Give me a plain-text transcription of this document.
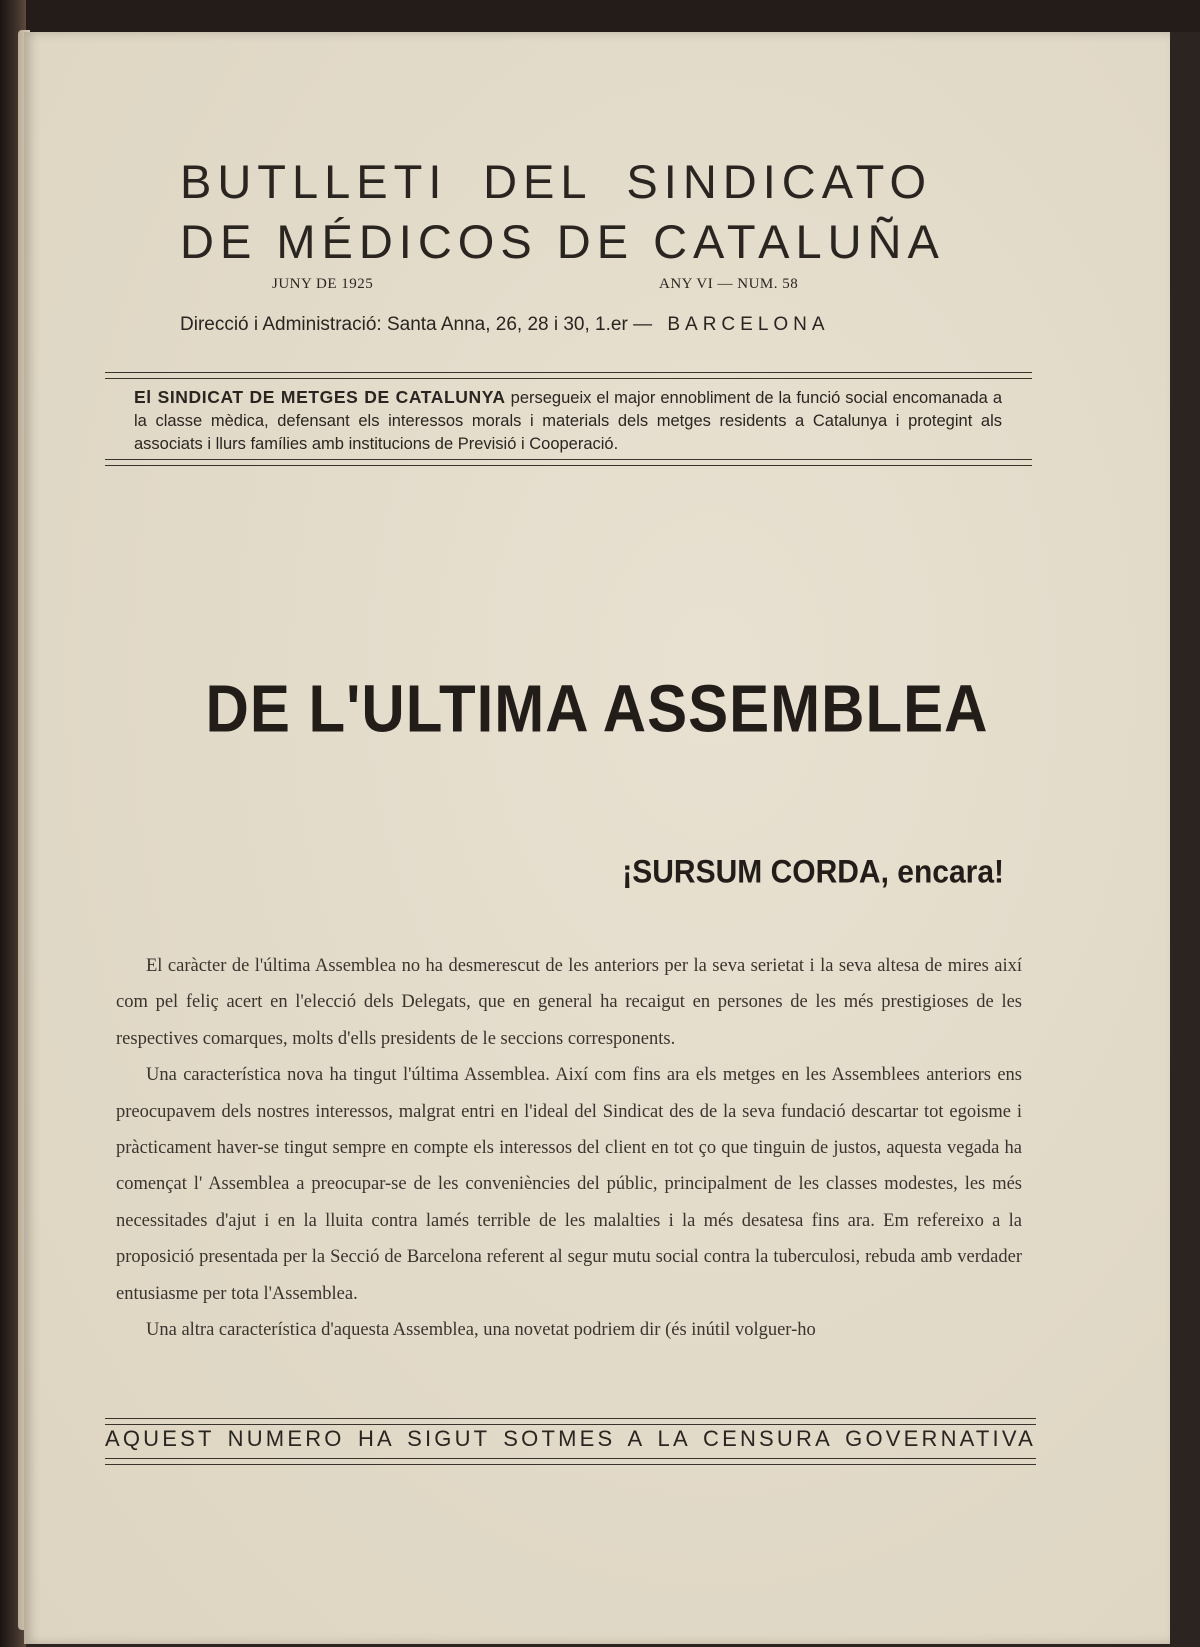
BUTLLETI DEL SINDICATO
DE MÉDICOS DE CATALUÑA
JUNY DE 1925	ANY VI — NUM. 58
Direcció i Administració: Santa Anna, 26, 28 i 30, 1.er — BARCELONA
El SINDICAT DE METGES DE CATALUNYA persegueix el major ennobliment de la funció social encomanada a la classe mèdica, defensant els interessos morals i materials dels metges residents a Catalunya i protegint als associats i llurs famílies amb institucions de Previsió i Cooperació.
DE L'ULTIMA ASSEMBLEA
¡SURSUM CORDA, encara!

El caràcter de l'última Assemblea no ha desmerescut de les anteriors per la seva serietat i la seva altesa de mires així com pel feliç acert en l'elecció dels Delegats, que en general ha recaigut en persones de les més prestigioses de les respectives comarques, molts d'ells presidents de le seccions corresponents.

Una característica nova ha tingut l'última Assemblea. Així com fins ara els metges en les Assemblees anteriors ens preocupavem dels nostres interessos, malgrat entri en l'ideal del Sindicat des de la seva fundació descartar tot egoisme i pràcticament haver-se tingut sempre en compte els interessos del client en tot ço que tinguin de justos, aquesta vegada ha començat l' Assemblea a preocupar-se de les conveniències del públic, principalment de les classes modestes, les més necessitades d'ajut i en la lluita contra lamés terrible de les malalties i la més desatesa fins ara. Em refereixo a la proposició presentada per la Secció de Barcelona referent al segur mutu social contra la tuberculosi, rebuda amb verdader entusiasme per tota l'Assemblea.

Una altra característica d'aquesta Assemblea, una novetat podriem dir (és inútil volguer-ho

AQUEST NUMERO HA SIGUT SOTMES A LA CENSURA GOVERNATIVA
